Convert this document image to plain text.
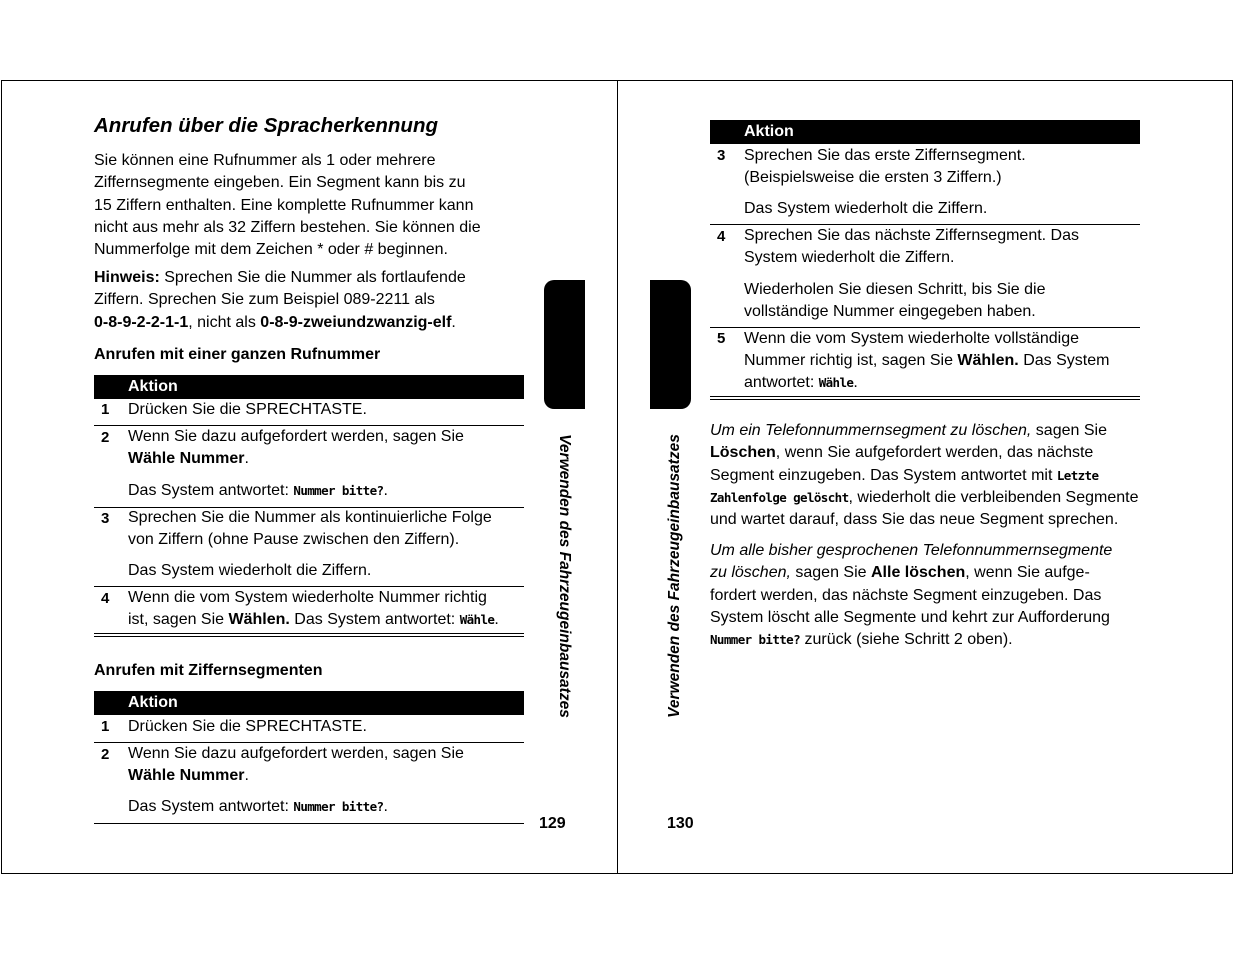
Anrufen über die Spracherkennung
Sie können eine Rufnummer als 1 oder mehrere
Ziffernsegmente eingeben. Ein Segment kann bis zu
15 Ziffern enthalten. Eine komplette Rufnummer kann
nicht aus mehr als 32 Ziffern bestehen. Sie können die
Nummerfolge mit dem Zeichen * oder # beginnen.
Hinweis: Sprechen Sie die Nummer als fortlaufende
Ziffern. Sprechen Sie zum Beispiel 089-2211 als
0-8-9-2-2-1-1, nicht als 0-8-9-zweiundzwanzig-elf.
Anrufen mit einer ganzen Rufnummer
Aktion
1 Drücken Sie die SPRECHTASTE.
2 Wenn Sie dazu aufgefordert werden, sagen Sie
Wähle Nummer.
Das System antwortet: Nummer bitte?.
3 Sprechen Sie die Nummer als kontinuierliche Folge
von Ziffern (ohne Pause zwischen den Ziffern).
Das System wiederholt die Ziffern.
4 Wenn die vom System wiederholte Nummer richtig
ist, sagen Sie Wählen. Das System antwortet: Wähle.
Anrufen mit Ziffernsegmenten
Aktion
1 Drücken Sie die SPRECHTASTE.
2 Wenn Sie dazu aufgefordert werden, sagen Sie
Wähle Nummer.
Das System antwortet: Nummer bitte?.
Verwenden des Fahrzeugeinbausatzes
129
Verwenden des Fahrzeugeinbausatzes
130
Aktion
3 Sprechen Sie das erste Ziffernsegment.
(Beispielsweise die ersten 3 Ziffern.)
Das System wiederholt die Ziffern.
4 Sprechen Sie das nächste Ziffernsegment. Das
System wiederholt die Ziffern.
Wiederholen Sie diesen Schritt, bis Sie die
vollständige Nummer eingegeben haben.
5 Wenn die vom System wiederholte vollständige
Nummer richtig ist, sagen Sie Wählen. Das System
antwortet: Wähle.
Um ein Telefonnummernsegment zu löschen, sagen Sie
Löschen, wenn Sie aufgefordert werden, das nächste
Segment einzugeben. Das System antwortet mit Letzte
Zahlenfolge gelöscht, wiederholt die verbleibenden Segmente
und wartet darauf, dass Sie das neue Segment sprechen.
Um alle bisher gesprochenen Telefonnummernsegmente
zu löschen, sagen Sie Alle löschen, wenn Sie aufge-
fordert werden, das nächste Segment einzugeben. Das
System löscht alle Segmente und kehrt zur Aufforderung
Nummer bitte? zurück (siehe Schritt 2 oben).
